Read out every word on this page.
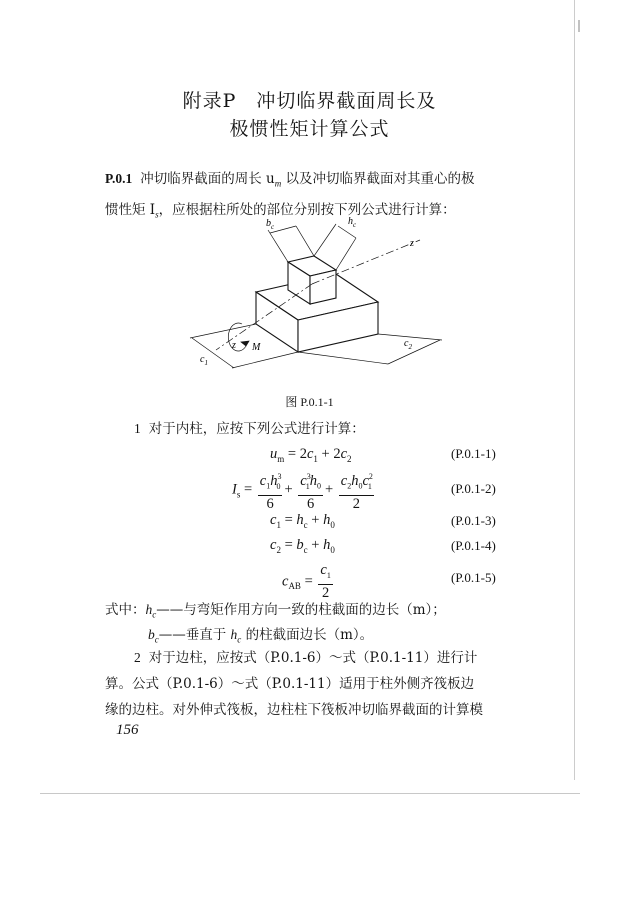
附录P　冲切临界截面周长及
极惯性矩计算公式
P.0.1 冲切临界截面的周长 $u_m$ 以及冲切临界截面对其重心的极
惯性矩 $I_s$，应根据柱所处的部位分别按下列公式进行计算：
$b_c$	$h_c$
z
z M
$c_1$
$c_2$
图 P.0.1-1
1 对于内柱，应按下列公式进行计算：
$u_m = 2c_1 + 2c_2$	(P.0.1-1)
$I_s = \frac{c_1h^3_0}{6} + \frac{c^3_1h_0}{6} + \frac{c_2h_0c^2_1}{2}$	(P.0.1-2)
$c_1 = h_c + h_0$	(P.0.1-3)
$c_2 = b_c + h_0$	(P.0.1-4)
$c_{AB} = \frac{c_1}{2}$	(P.0.1-5)
式中：$h_c——$与弯矩作用方向一致的柱截面的边长（m）；
$b_c——$垂直于 $h_c$ 的柱截面边长（m）。
2 对于边柱，应按式（P.0.1-6）～式（P.0.1-11）进行计
算。公式（P.0.1-6）～式（P.0.1-11）适用于柱外侧齐筏板边
缘的边柱。对外伸式筏板，边柱柱下筏板冲切临界截面的计算模
156
